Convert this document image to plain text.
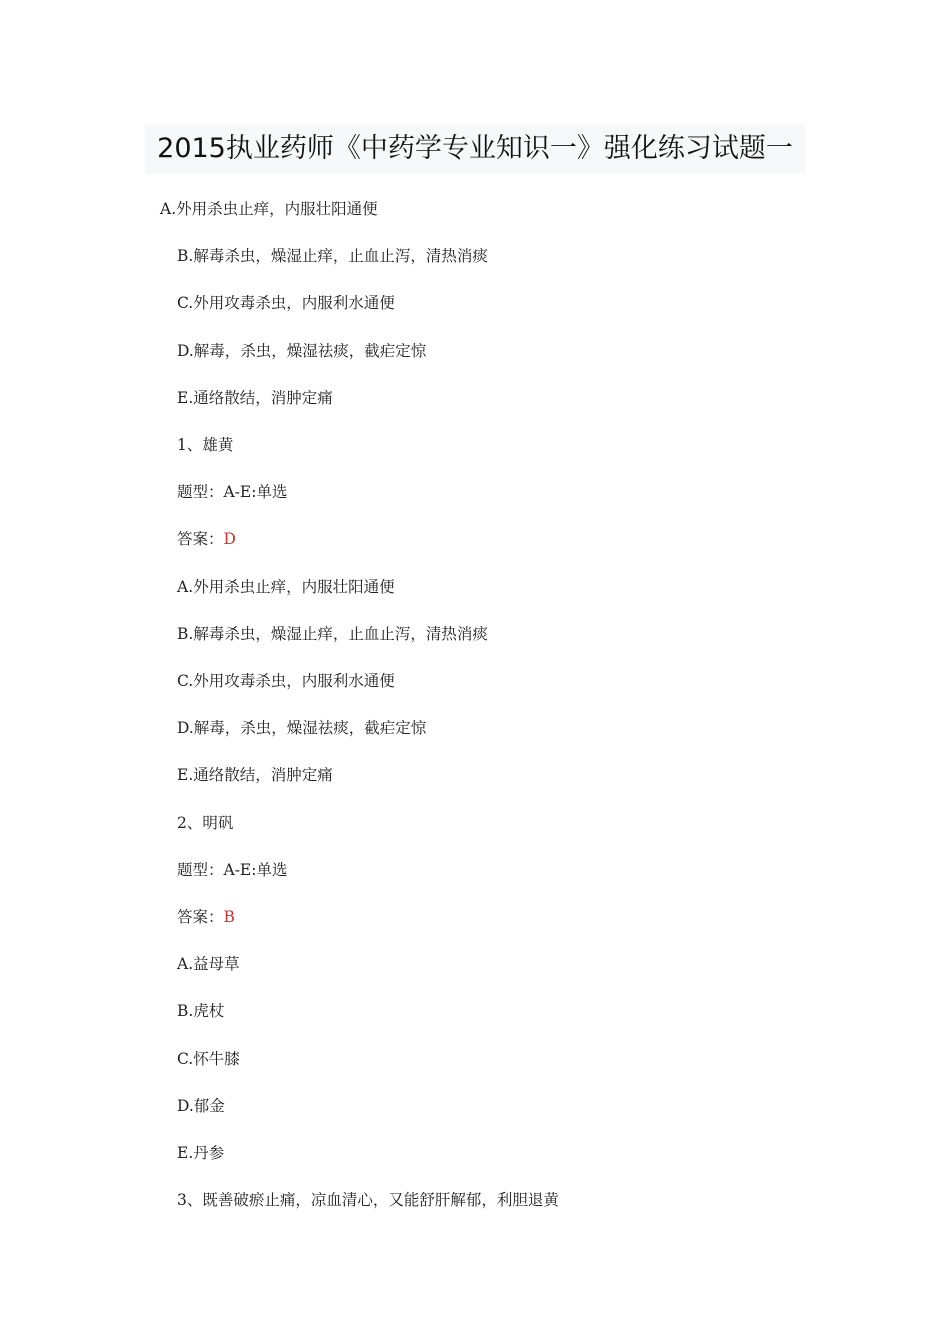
2015执业药师《中药学专业知识一》强化练习试题一
A.外用杀虫止痒，内服壮阳通便
B.解毒杀虫，燥湿止痒，止血止泻，清热消痰
C.外用攻毒杀虫，内服利水通便
D.解毒，杀虫，燥湿祛痰，截疟定惊
E.通络散结，消肿定痛
1、雄黄
题型：A-E:单选
答案：D
A.外用杀虫止痒，内服壮阳通便
B.解毒杀虫，燥湿止痒，止血止泻，清热消痰
C.外用攻毒杀虫，内服利水通便
D.解毒，杀虫，燥湿祛痰，截疟定惊
E.通络散结，消肿定痛
2、明矾
题型：A-E:单选
答案：B
A.益母草
B.虎杖
C.怀牛膝
D.郁金
E.丹参
3、既善破瘀止痛，凉血清心，又能舒肝解郁，利胆退黄
